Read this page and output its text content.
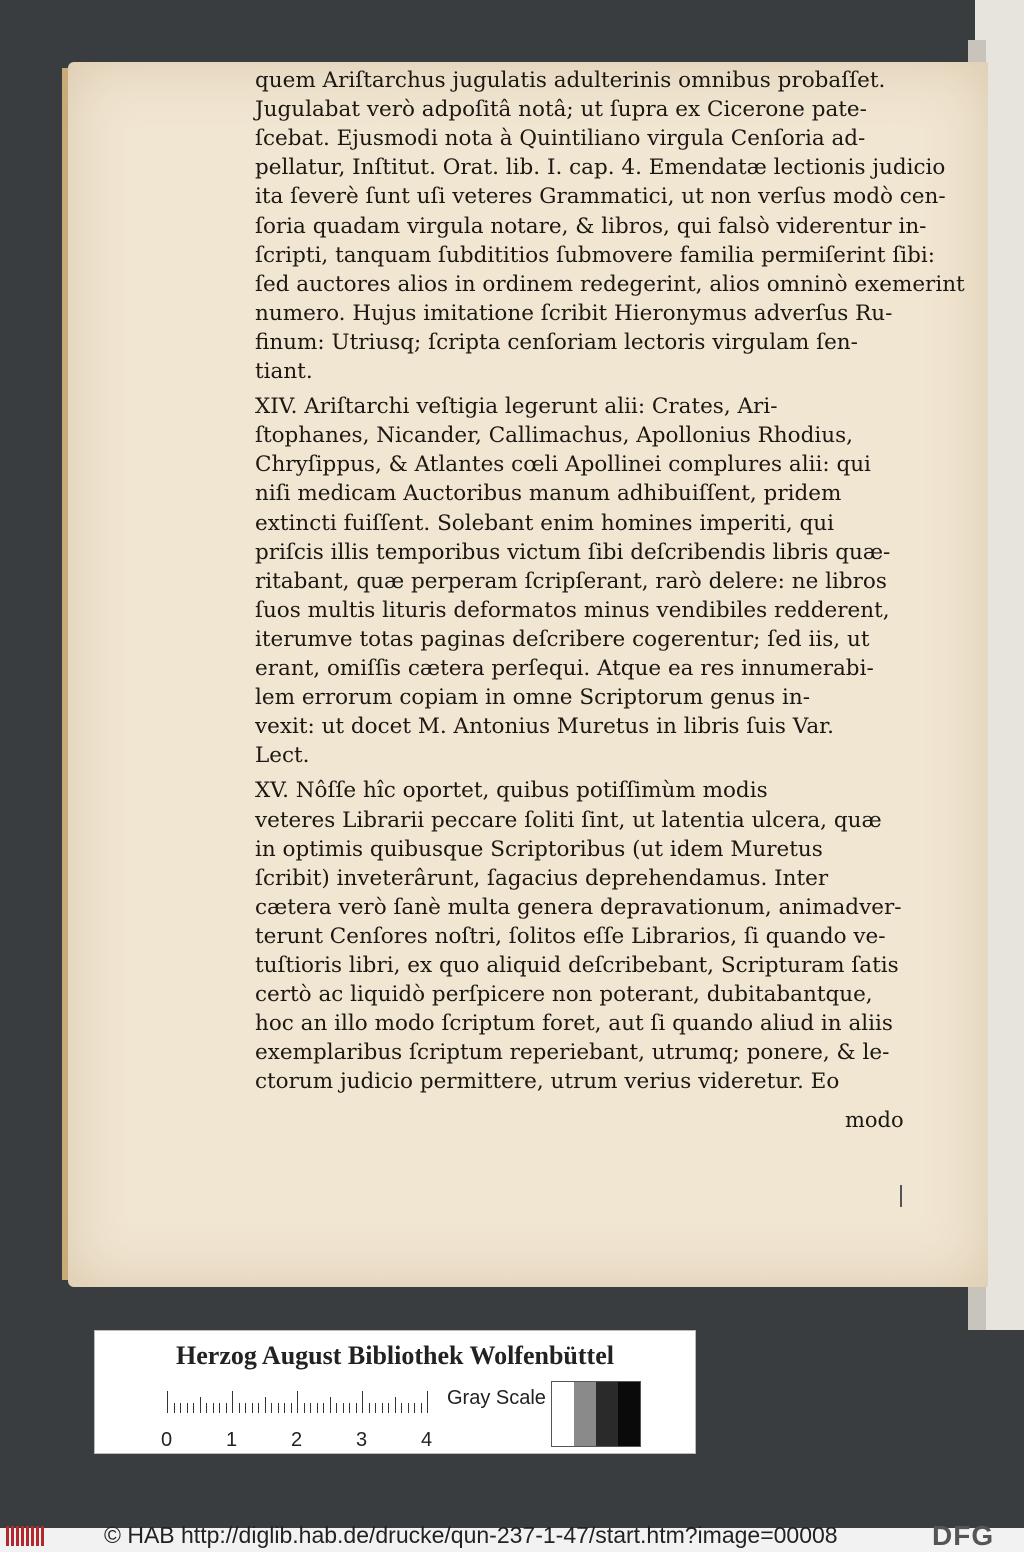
quem Ariſtarchus jugulatis adulterinis omnibus probaſſet.
Jugulabat verò adpoſitâ notâ; ut ſupra ex Cicerone pate-
ſcebat. Ejusmodi nota à Quintiliano virgula Cenſoria ad-
pellatur, Inſtitut. Orat. lib. I. cap. 4. Emendatæ lectionis judicio
ita ſeverè ſunt uſi veteres Grammatici, ut non verſus modò cen-
ſoria quadam virgula notare, & libros, qui falsò viderentur in-
ſcripti, tanquam ſubdititios ſubmovere familia permiſerint ſibi:
ſed auctores alios in ordinem redegerint, alios omninò exemerint
numero. Hujus imitatione ſcribit Hieronymus adverſus Ru-
finum: Utriusq; ſcripta cenſoriam lectoris virgulam ſen-
tiant.
XIV. Ariſtarchi veſtigia legerunt alii: Crates, Ari-
ſtophanes, Nicander, Callimachus, Apollonius Rhodius,
Chryſippus, & Atlantes cœli Apollinei complures alii: qui
niſi medicam Auctoribus manum adhibuiſſent, pridem
extincti fuiſſent. Solebant enim homines imperiti, qui
priſcis illis temporibus victum ſibi deſcribendis libris quæ-
ritabant, quæ perperam ſcripſerant, rarò delere: ne libros
ſuos multis lituris deformatos minus vendibiles redderent,
iterumve totas paginas deſcribere cogerentur; ſed iis, ut
erant, omiſſis cætera perſequi. Atque ea res innumerabi-
lem errorum copiam in omne Scriptorum genus in-
vexit: ut docet M. Antonius Muretus in libris ſuis Var.
Lect.
XV. Nôſſe hîc oportet, quibus potiſſimùm modis
veteres Librarii peccare ſoliti ſint, ut latentia ulcera, quæ
in optimis quibusque Scriptoribus (ut idem Muretus
ſcribit) inveterârunt, ſagacius deprehendamus. Inter
cætera verò ſanè multa genera depravationum, animadver-
terunt Cenſores noſtri, ſolitos eſſe Librarios, ſi quando ve-
tuſtioris libri, ex quo aliquid deſcribebant, Scripturam ſatis
certò ac liquidò perſpicere non poterant, dubitabantque,
hoc an illo modo ſcriptum foret, aut ſi quando aliud in aliis
exemplaribus ſcriptum reperiebant, utrumq; ponere, & le-
ctorum judicio permittere, utrum verius videretur. Eo
modo
Herzog August Bibliothek Wolfenbüttel
Gray Scale
0	1	2	3	4
© HAB http://diglib.hab.de/drucke/qun-237-1-47/start.htm?image=00008	DFG
